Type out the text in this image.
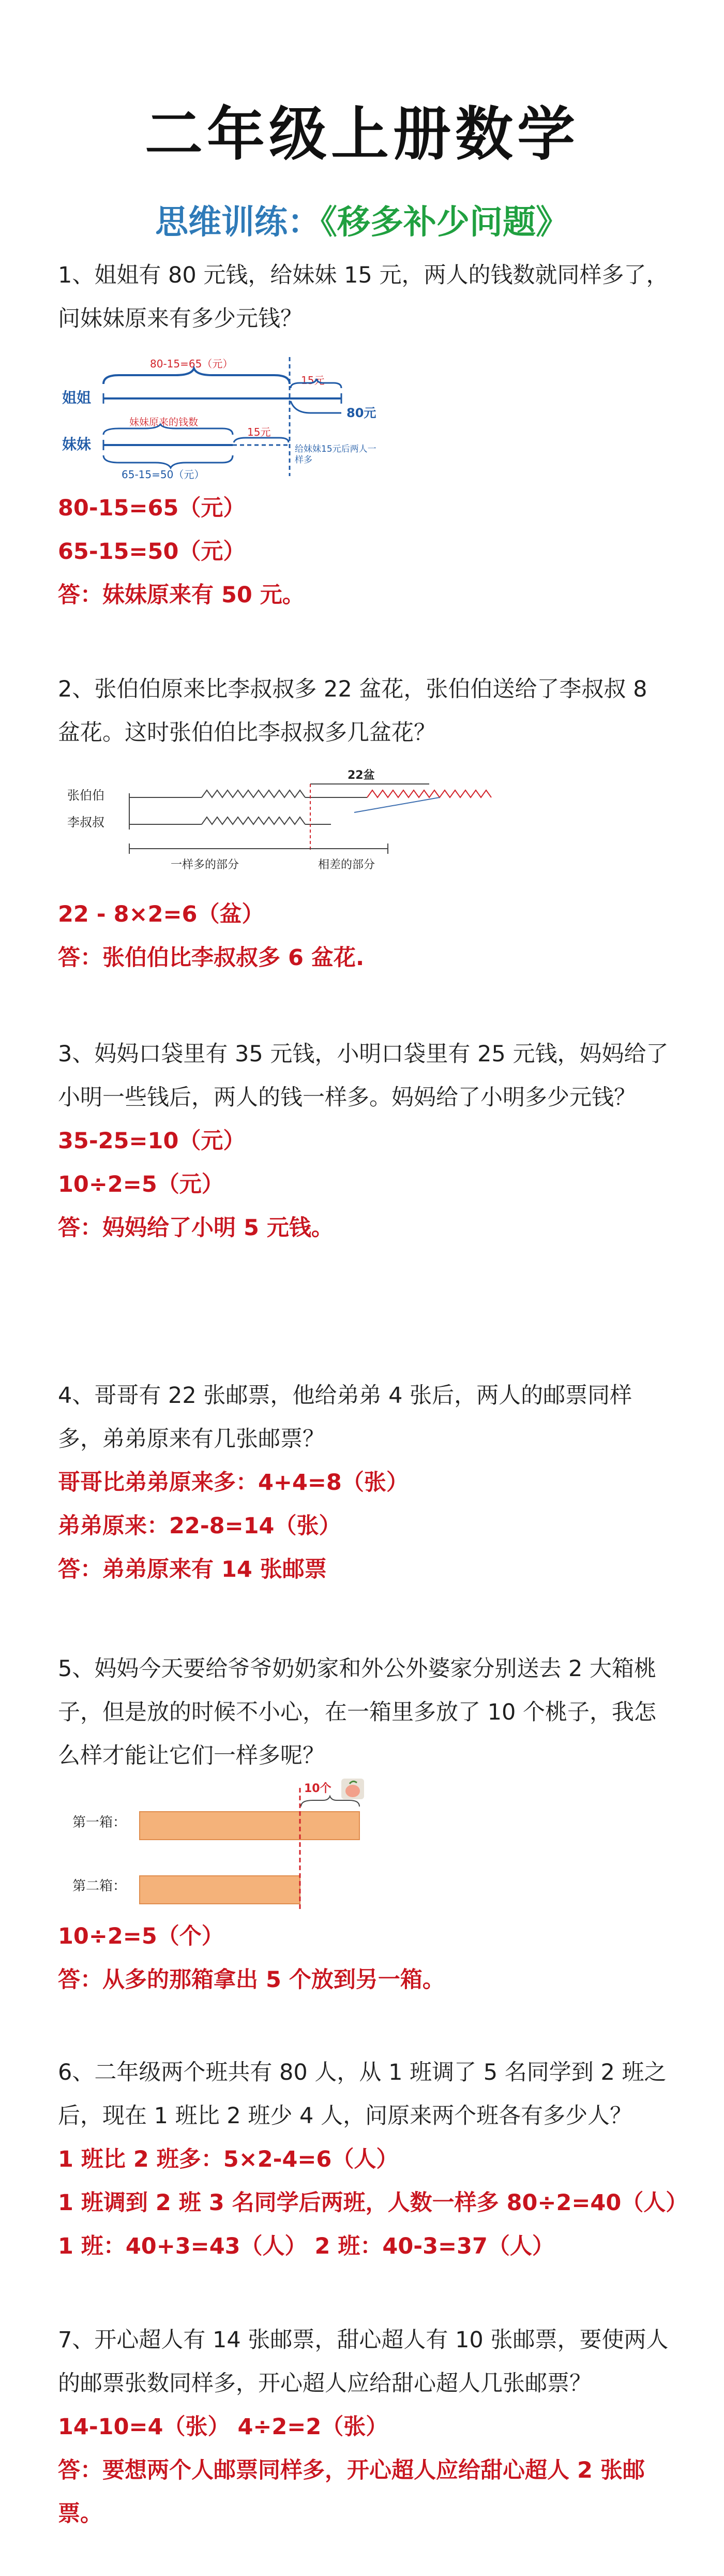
二年级上册数学
思维训练：《移多补少问题》
1、姐姐有 80 元钱，给妹妹 15 元，两人的钱数就同样多了，问妹妹原来有多少元钱？
姐姐
妹妹
80-15=65（元）
15元
80元
妹妹原来的钱数
15元
给妹妹15元后两人一样多
65-15=50（元）
80-15=65（元）
65-15=50（元）
答：妹妹原来有 50 元。
2、张伯伯原来比李叔叔多 22 盆花，张伯伯送给了李叔叔 8 盆花。这时张伯伯比李叔叔多几盆花？
张伯伯
李叔叔
22盆
一样多的部分	相差的部分
22 - 8×2=6（盆）
答：张伯伯比李叔叔多 6 盆花.
3、妈妈口袋里有 35 元钱，小明口袋里有 25 元钱，妈妈给了小明一些钱后，两人的钱一样多。妈妈给了小明多少元钱？
35-25=10（元）
10÷2=5（元）
答：妈妈给了小明 5 元钱。
4、哥哥有 22 张邮票，他给弟弟 4 张后，两人的邮票同样多，弟弟原来有几张邮票？
哥哥比弟弟原来多：4+4=8（张）
弟弟原来：22-8=14（张）
答：弟弟原来有 14 张邮票
5、妈妈今天要给爷爷奶奶家和外公外婆家分别送去 2 大箱桃子，但是放的时候不小心，在一箱里多放了 10 个桃子，我怎么样才能让它们一样多呢？
第一箱：
第二箱：
10个
10÷2=5（个）
答：从多的那箱拿出 5 个放到另一箱。
6、二年级两个班共有 80 人，从 1 班调了 5 名同学到 2 班之后，现在 1 班比 2 班少 4 人，问原来两个班各有多少人？
1 班比 2 班多：5×2-4=6（人）
1 班调到 2 班 3 名同学后两班，人数一样多 80÷2=40（人）
1 班：40+3=43（人） 2 班：40-3=37（人）
7、开心超人有 14 张邮票，甜心超人有 10 张邮票，要使两人的邮票张数同样多，开心超人应给甜心超人几张邮票？
14-10=4（张） 4÷2=2（张）
答：要想两个人邮票同样多，开心超人应给甜心超人 2 张邮票。
